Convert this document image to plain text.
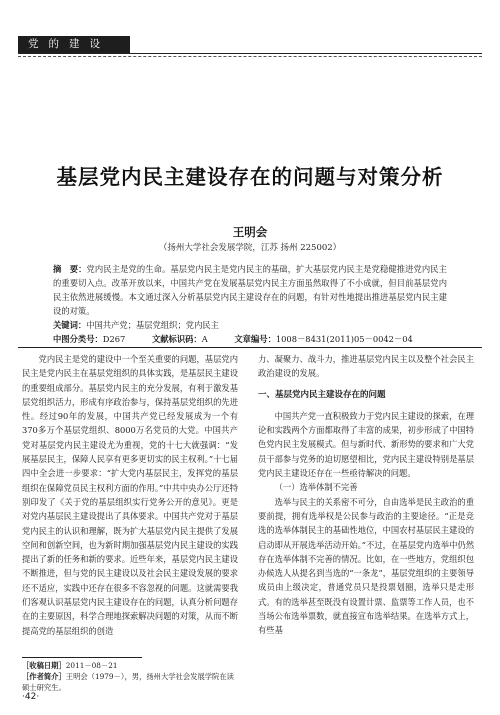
党的建设
基层党内民主建设存在的问题与对策分析
王明会
（扬州大学社会发展学院，江苏 扬州 225002）
摘　要：党内民主是党的生命。基层党内民主是党内民主的基础，扩大基层党内民主是党稳健推进党内民主的重要切入点。改革开放以来，中国共产党在发展基层党内民主方面虽然取得了不小成就，但目前基层党内民主依然进展缓慢。本文通过深入分析基层党内民主建设存在的问题，有针对性地提出推进基层党内民主建设的对策。
关键词：中国共产党；基层党组织；党内民主
中图分类号：D267	文献标识码：A	文章编号：1008－8431(2011)05－0042－04

党内民主是党的建设中一个至关重要的问题，基层党内民主是党内民主在基层党组织的具体实践，是基层民主建设的重要组成部分。基层党内民主的充分发展，有利于激发基层党组织活力，形成有序政治参与，保持基层党组织的先进性。经过90年的发展，中国共产党已经发展成为一个有370多万个基层党组织、8000万名党员的大党。中国共产党对基层党内民主建设尤为重视，党的十七大就强调：“发展基层民主，保障人民享有更多更切实的民主权利。”十七届四中全会进一步要求：“扩大党内基层民主，发挥党的基层组织在保障党员民主权利方面的作用。”中共中央办公厅还特别印发了《关于党的基层组织实行党务公开的意见》。更是对党内基层民主建设提出了具体要求。中国共产党对于基层党内民主的认识和理解，既为扩大基层党内民主提供了发展空间和创新空间，也为新时期加强基层党内民主建设的实践提出了新的任务和新的要求。近些年来，基层党内民主建设不断推进，但与党的民主建设以及社会民主建设发展的要求还不适应，实践中还存在很多不容忽视的问题。这就需要我们客观认识基层党内民主建设存在的问题，认真分析问题存在的主要原因，科学合理地探索解决问题的对策，从而不断提高党的基层组织的创造

力、凝聚力、战斗力，推进基层党内民主以及整个社会民主政治建设的发展。
一、基层党内民主建设存在的问题

中国共产党一直积极致力于党内民主建设的探索，在理论和实践两个方面都取得了丰富的成果，初步形成了中国特色党内民主发展模式。但与新时代、新形势的要求和广大党员干部参与党务的迫切愿望相比，党内民主建设特别是基层党内民主建设还存在一些亟待解决的问题。

（一）选举体制不完善

选举与民主的关系密不可分，自由选举是民主政治的重要前提，拥有选举权是公民参与政治的主要途径。“正是竞选的选举体制民主的基础性地位，中国农村基层民主建设的启动即从开展选举活动开始。”不过，在基层党内选举中仍然存在选举体制不完善的情况。比如，在一些地方，党组织包办候选人从提名到当选的“一条龙”，基层党组织的主要领导成员由上级决定，普通党员只是投票划圈，选举只是走形式。有的选举甚至既没有设置计票、监票等工作人员，也不当场公布选举票数，就直接宣布选举结果。在选举方式上，有些基

［收稿日期］2011－08－21
［作者简介］王明会（1979－），男，扬州大学社会发展学院在读硕士研究生。
·42·
